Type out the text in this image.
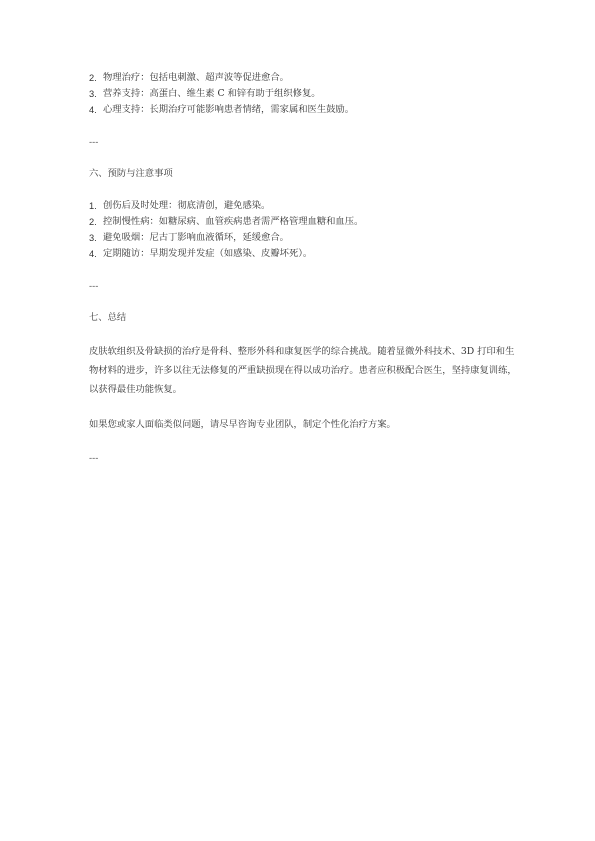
2. 物理治疗：包括电刺激、超声波等促进愈合。
3. 营养支持：高蛋白、维生素 C 和锌有助于组织修复。
4. 心理支持：长期治疗可能影响患者情绪，需家属和医生鼓励。
---
六、预防与注意事项
1. 创伤后及时处理：彻底清创，避免感染。
2. 控制慢性病：如糖尿病、血管疾病患者需严格管理血糖和血压。
3. 避免吸烟：尼古丁影响血液循环，延缓愈合。
4. 定期随访：早期发现并发症（如感染、皮瓣坏死）。
---
七、总结

皮肤软组织及骨缺损的治疗是骨科、整形外科和康复医学的综合挑战。随着显微外科技术、3D 打印和生物材料的进步，许多以往无法修复的严重缺损现在得以成功治疗。患者应积极配合医生，坚持康复训练，以获得最佳功能恢复。

如果您或家人面临类似问题，请尽早咨询专业团队，制定个性化治疗方案。

---
